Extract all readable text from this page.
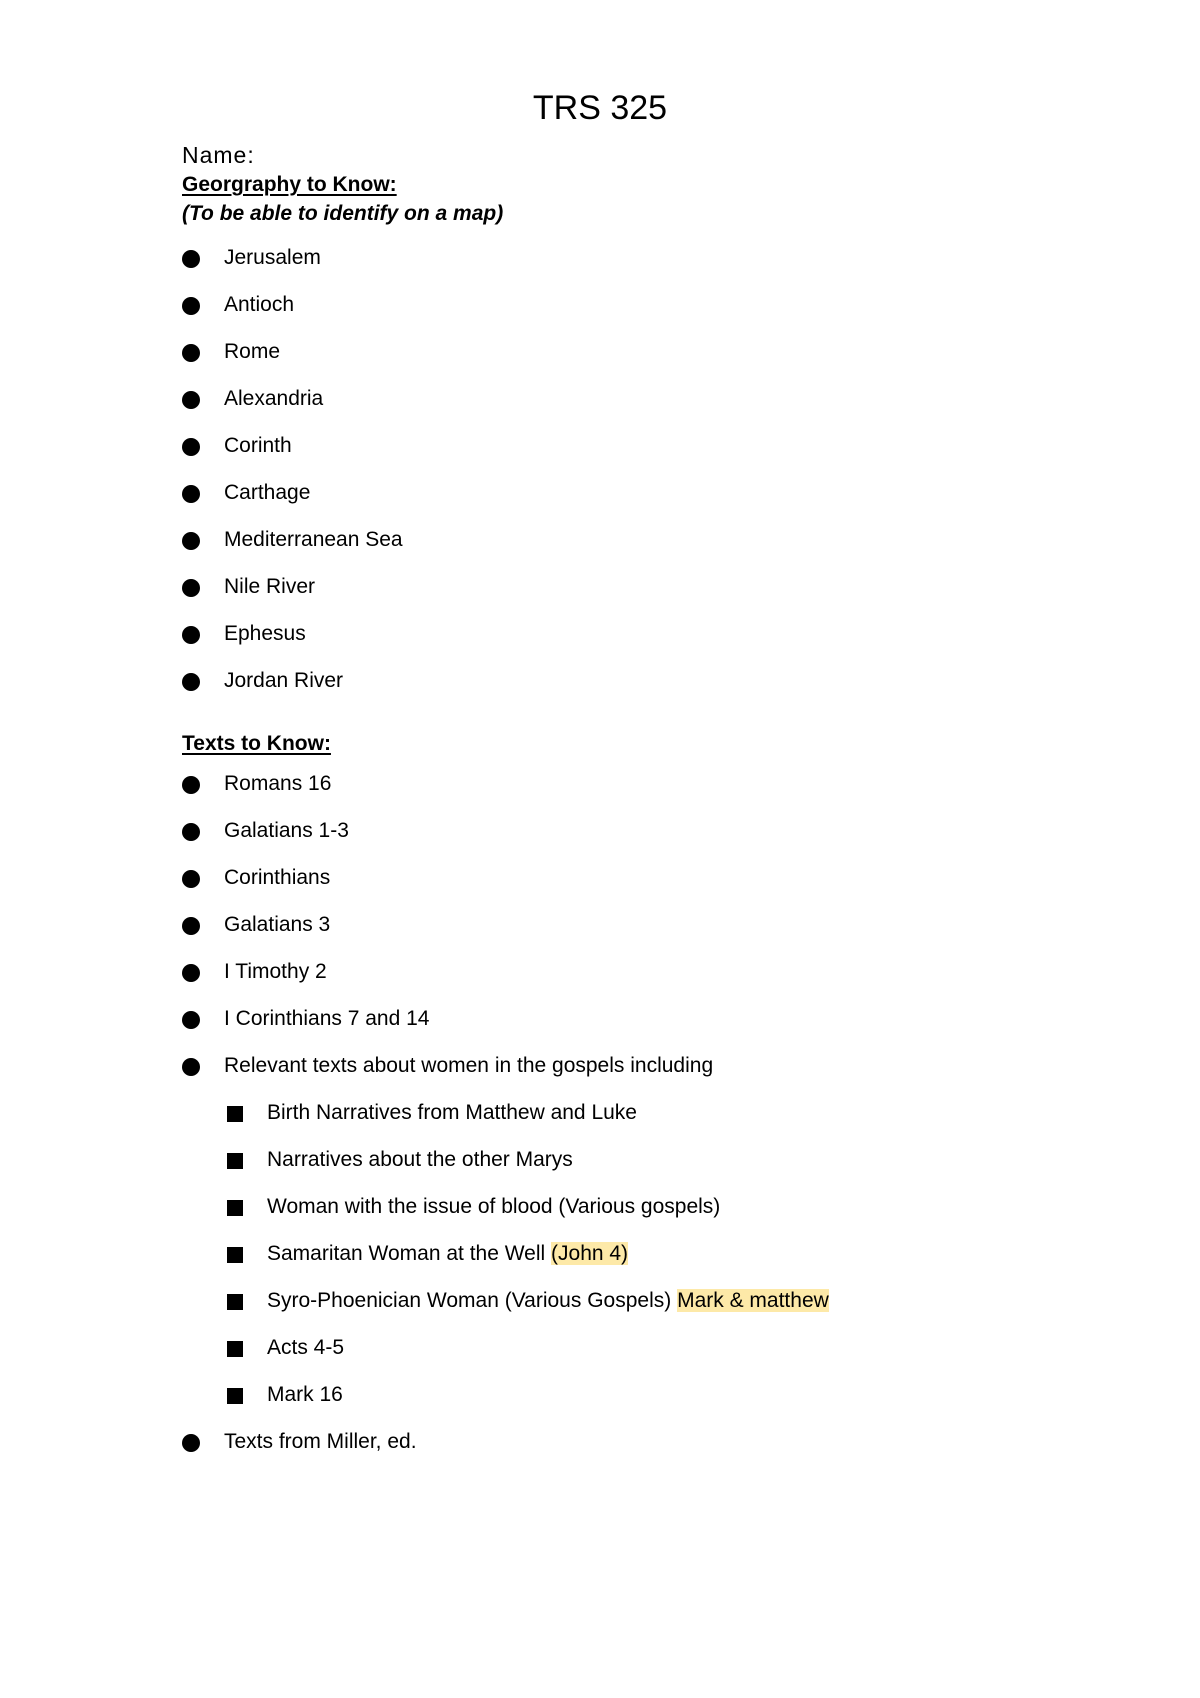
TRS 325
Name:
Georgraphy to Know:
(To be able to identify on a map)
Jerusalem
Antioch
Rome
Alexandria
Corinth
Carthage
Mediterranean Sea
Nile River
Ephesus
Jordan River
Texts to Know:
Romans 16
Galatians 1-3
Corinthians
Galatians 3
I Timothy 2
I Corinthians 7 and 14
Relevant texts about women in the gospels including
Birth Narratives from Matthew and Luke
Narratives about the other Marys
Woman with the issue of blood (Various gospels)
Samaritan Woman at the Well (John 4)
Syro-Phoenician Woman (Various Gospels) Mark & matthew
Acts 4-5
Mark 16
Texts from Miller, ed.
